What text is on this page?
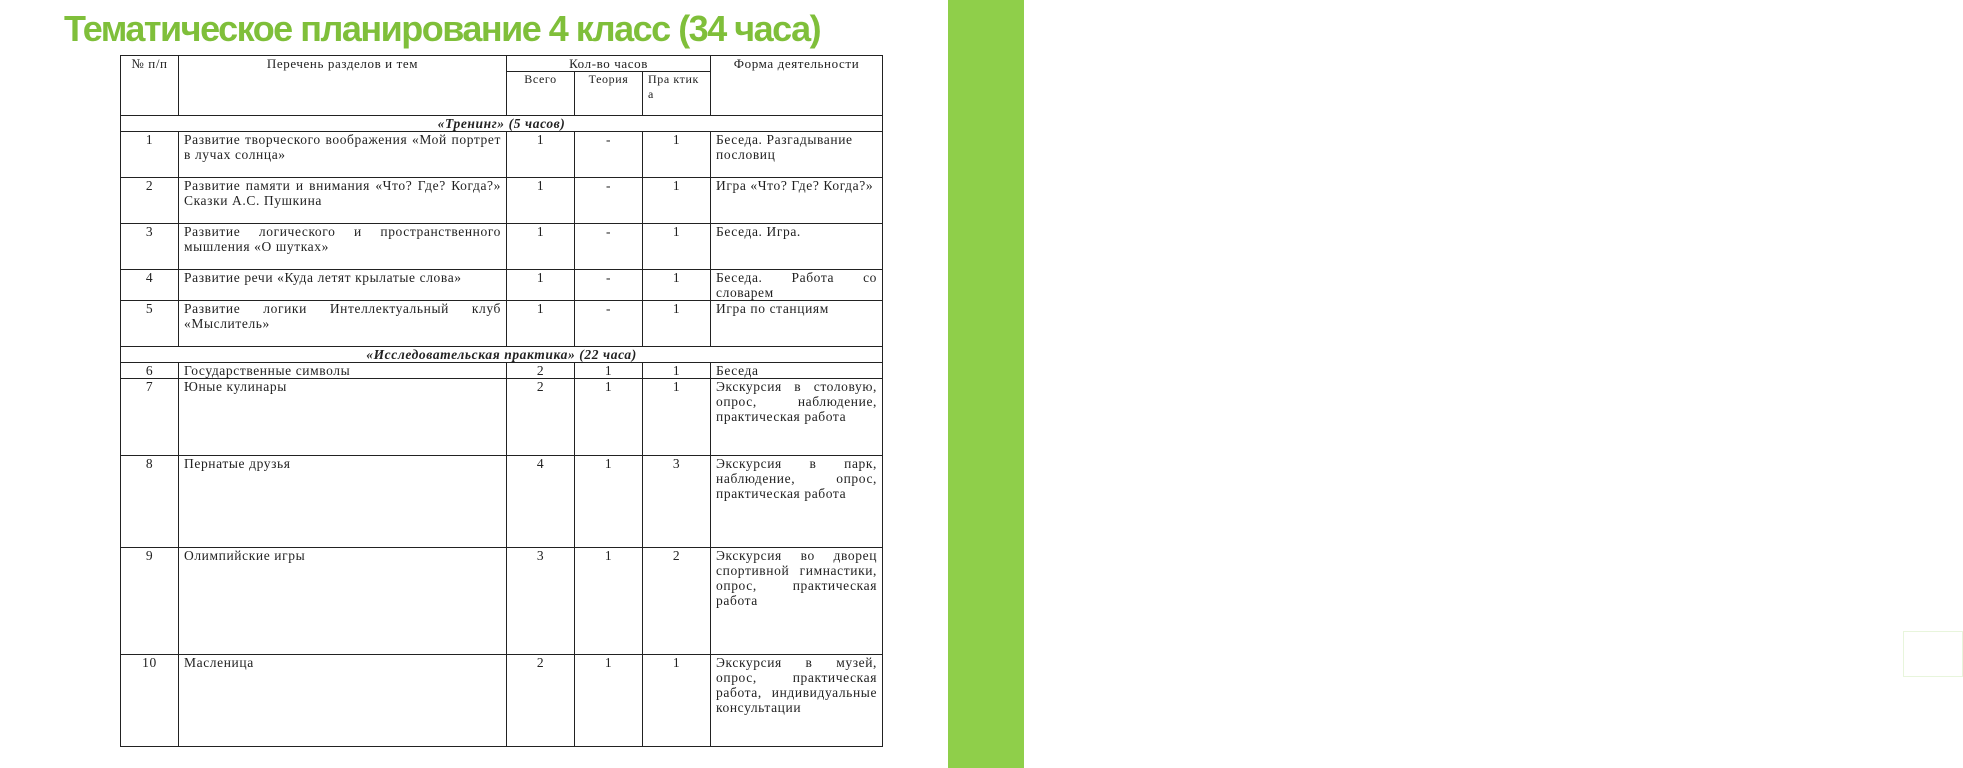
Тематическое планирование 4 класс (34 часа)
14
№ п/п	Перечень разделов и тем	Кол-во часов			Форма деятельности
		Всего	Теория	Пра ктик а	
«Тренинг» (5 часов)					
1	Развитие творческого воображения «Мой портрет в лучах солнца»	1	-	1	Беседа. Разгадывание пословиц
2	Развитие памяти и внимания «Что? Где? Когда?» Сказки А.С. Пушкина	1	-	1	Игра «Что? Где? Когда?»
3	Развитие логического и пространственного мышления «О шутках»	1	-	1	Беседа. Игра.
4	Развитие речи «Куда летят крылатые слова»	1	-	1	Беседа. Работа со словарем
5	Развитие логики Интеллектуальный клуб «Мыслитель»	1	-	1	Игра по станциям
«Исследовательская практика» (22 часа)					
6	Государственные символы	2	1	1	Беседа
7	Юные кулинары	2	1	1	Экскурсия в столовую, опрос, наблюдение, практическая работа
8	Пернатые друзья	4	1	3	Экскурсия в парк, наблюдение, опрос, практическая работа
9	Олимпийские игры	3	1	2	Экскурсия во дворец спортивной гимнастики, опрос, практическая работа
10	Масленица	2	1	1	Экскурсия в музей, опрос, практическая работа, индивидуальные консультации
